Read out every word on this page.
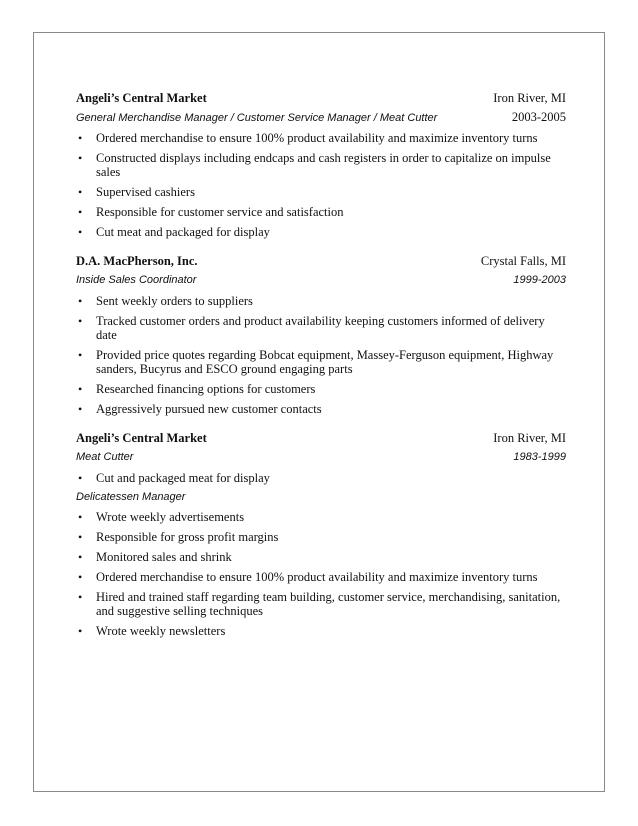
Angeli’s Central Market	Iron River, MI
General Merchandise Manager / Customer Service Manager / Meat Cutter	2003-2005
• Ordered merchandise to ensure 100% product availability and maximize inventory turns
• Constructed displays including endcaps and cash registers in order to capitalize on impulse sales
• Supervised cashiers
• Responsible for customer service and satisfaction
• Cut meat and packaged for display
D.A. MacPherson, Inc.	Crystal Falls, MI
Inside Sales Coordinator	1999-2003
• Sent weekly orders to suppliers
• Tracked customer orders and product availability keeping customers informed of delivery date
• Provided price quotes regarding Bobcat equipment, Massey-Ferguson equipment, Highway sanders, Bucyrus and ESCO ground engaging parts
• Researched financing options for customers
• Aggressively pursued new customer contacts
Angeli’s Central Market	Iron River, MI
Meat Cutter	1983-1999
• Cut and packaged meat for display
Delicatessen Manager
• Wrote weekly advertisements
• Responsible for gross profit margins
• Monitored sales and shrink
• Ordered merchandise to ensure 100% product availability and maximize inventory turns
• Hired and trained staff regarding team building, customer service, merchandising, sanitation, and suggestive selling techniques
• Wrote weekly newsletters
